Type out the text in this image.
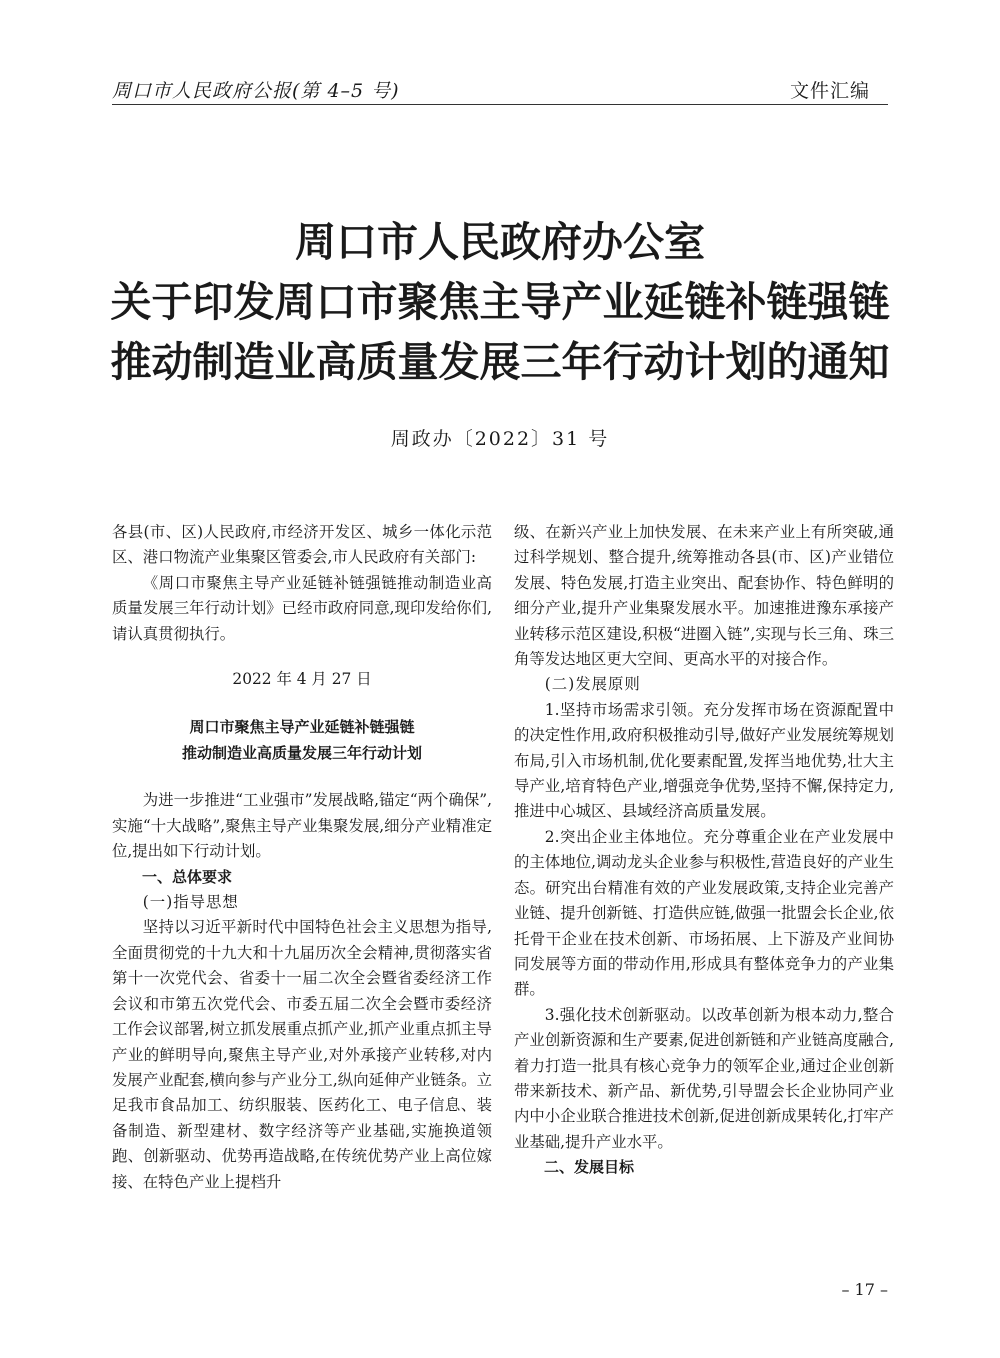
周口市人民政府公报(第 4–5 号)	文件汇编
周口市人民政府办公室
关于印发周口市聚焦主导产业延链补链强链
推动制造业高质量发展三年行动计划的通知
周政办〔2022〕31 号

各县(市、区)人民政府,市经济开发区、城乡一体化示范区、港口物流产业集聚区管委会,市人民政府有关部门:

《周口市聚焦主导产业延链补链强链推动制造业高质量发展三年行动计划》已经市政府同意,现印发给你们,请认真贯彻执行。

2022 年 4 月 27 日

周口市聚焦主导产业延链补链强链

推动制造业高质量发展三年行动计划

为进一步推进“工业强市”发展战略,锚定“两个确保”,实施“十大战略”,聚焦主导产业集聚发展,细分产业精准定位,提出如下行动计划。

一、总体要求

(一)指导思想

坚持以习近平新时代中国特色社会主义思想为指导,全面贯彻党的十九大和十九届历次全会精神,贯彻落实省第十一次党代会、省委十一届二次全会暨省委经济工作会议和市第五次党代会、市委五届二次全会暨市委经济工作会议部署,树立抓发展重点抓产业,抓产业重点抓主导产业的鲜明导向,聚焦主导产业,对外承接产业转移,对内发展产业配套,横向参与产业分工,纵向延伸产业链条。立足我市食品加工、纺织服装、医药化工、电子信息、装备制造、新型建材、数字经济等产业基础,实施换道领跑、创新驱动、优势再造战略,在传统优势产业上高位嫁接、在特色产业上提档升

级、在新兴产业上加快发展、在未来产业上有所突破,通过科学规划、整合提升,统筹推动各县(市、区)产业错位发展、特色发展,打造主业突出、配套协作、特色鲜明的细分产业,提升产业集聚发展水平。加速推进豫东承接产业转移示范区建设,积极“进圈入链”,实现与长三角、珠三角等发达地区更大空间、更高水平的对接合作。

(二)发展原则

1.坚持市场需求引领。充分发挥市场在资源配置中的决定性作用,政府积极推动引导,做好产业发展统筹规划布局,引入市场机制,优化要素配置,发挥当地优势,壮大主导产业,培育特色产业,增强竞争优势,坚持不懈,保持定力,推进中心城区、县域经济高质量发展。

2.突出企业主体地位。充分尊重企业在产业发展中的主体地位,调动龙头企业参与积极性,营造良好的产业生态。研究出台精准有效的产业发展政策,支持企业完善产业链、提升创新链、打造供应链,做强一批盟会长企业,依托骨干企业在技术创新、市场拓展、上下游及产业间协同发展等方面的带动作用,形成具有整体竞争力的产业集群。

3.强化技术创新驱动。以改革创新为根本动力,整合产业创新资源和生产要素,促进创新链和产业链高度融合,着力打造一批具有核心竞争力的领军企业,通过企业创新带来新技术、新产品、新优势,引导盟会长企业协同产业内中小企业联合推进技术创新,促进创新成果转化,打牢产业基础,提升产业水平。

二、发展目标

– 17 –
